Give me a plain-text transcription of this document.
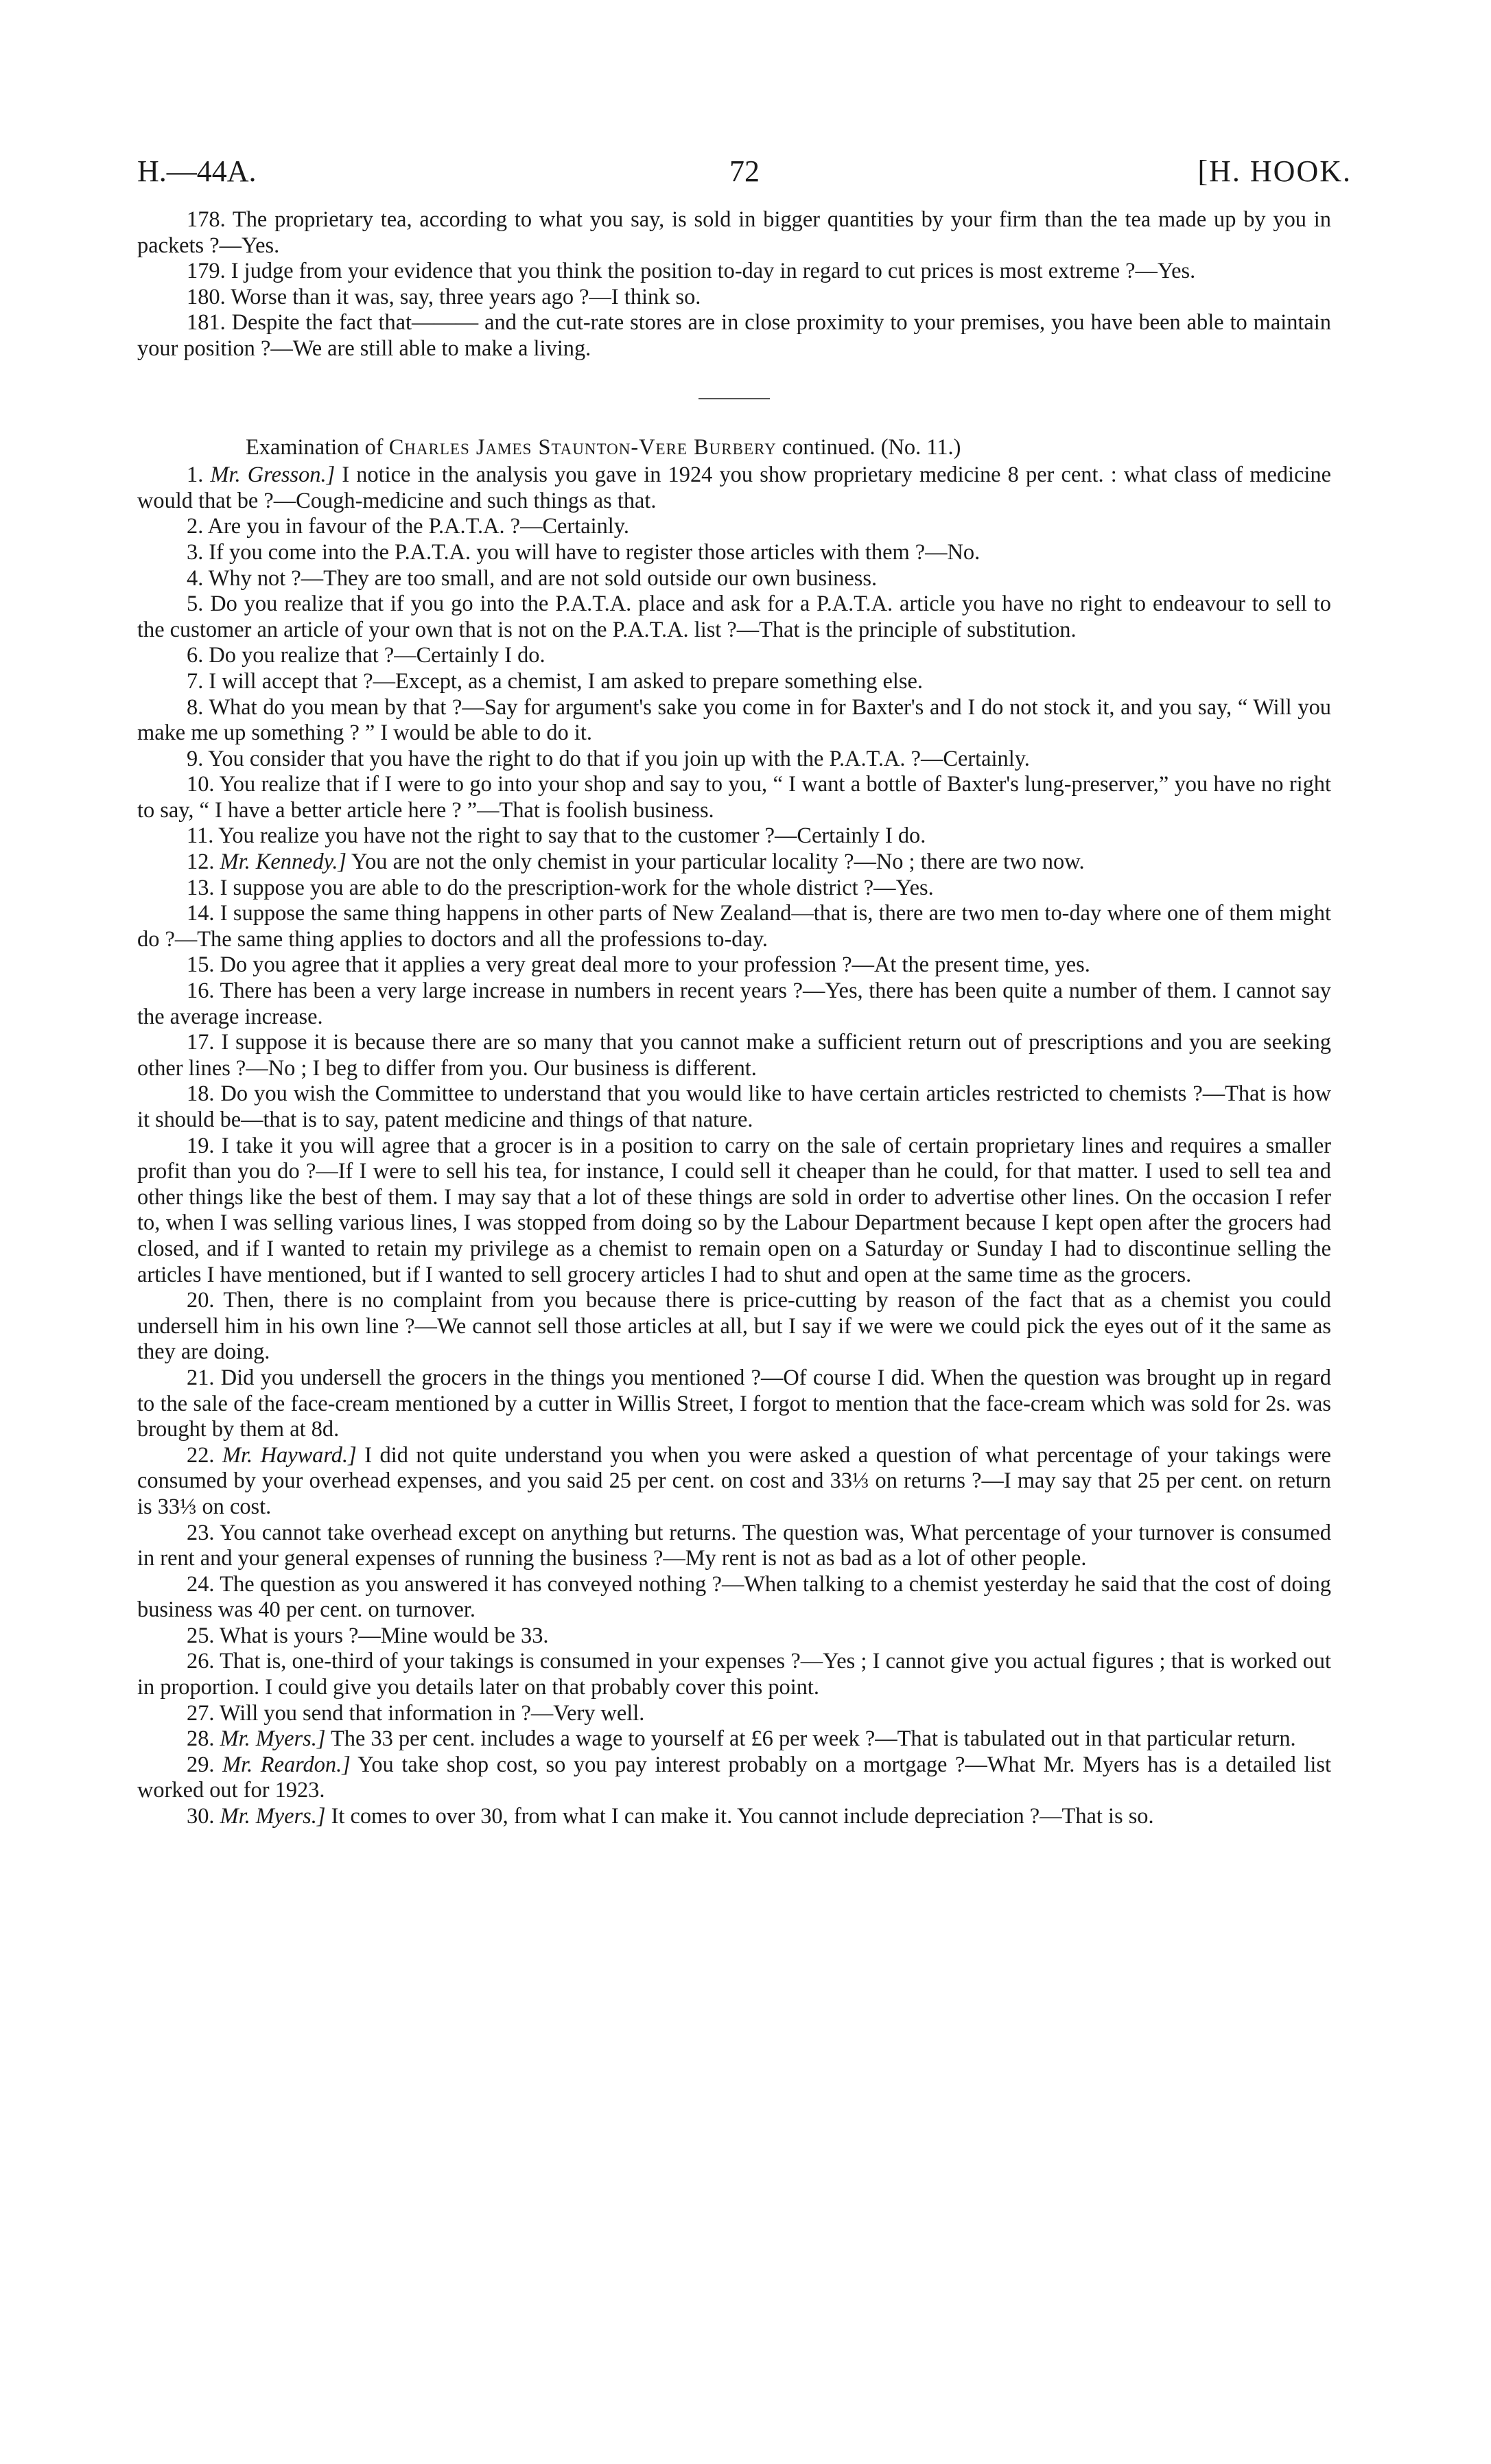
H.—44A.	72	[H. HOOK.

178. The proprietary tea, according to what you say, is sold in bigger quantities by your firm than the tea made up by you in packets ?—Yes.

179. I judge from your evidence that you think the position to-day in regard to cut prices is most extreme ?—Yes.

180. Worse than it was, say, three years ago ?—I think so.

181. Despite the fact that——— and the cut-rate stores are in close proximity to your premises, you have been able to maintain your position ?—We are still able to make a living.

Examination of Charles James Staunton-Vere Burbery continued. (No. 11.)

1. Mr. Gresson.] I notice in the analysis you gave in 1924 you show proprietary medicine 8 per cent. : what class of medicine would that be ?—Cough-medicine and such things as that.

2. Are you in favour of the P.A.T.A. ?—Certainly.

3. If you come into the P.A.T.A. you will have to register those articles with them ?—No.

4. Why not ?—They are too small, and are not sold outside our own business.

5. Do you realize that if you go into the P.A.T.A. place and ask for a P.A.T.A. article you have no right to endeavour to sell to the customer an article of your own that is not on the P.A.T.A. list ?—That is the principle of substitution.

6. Do you realize that ?—Certainly I do.

7. I will accept that ?—Except, as a chemist, I am asked to prepare something else.

8. What do you mean by that ?—Say for argument's sake you come in for Baxter's and I do not stock it, and you say, “ Will you make me up something ? ” I would be able to do it.

9. You consider that you have the right to do that if you join up with the P.A.T.A. ?—Certainly.

10. You realize that if I were to go into your shop and say to you, “ I want a bottle of Baxter's lung-preserver,” you have no right to say, “ I have a better article here ? ”—That is foolish business.

11. You realize you have not the right to say that to the customer ?—Certainly I do.

12. Mr. Kennedy.] You are not the only chemist in your particular locality ?—No ; there are two now.

13. I suppose you are able to do the prescription-work for the whole district ?—Yes.

14. I suppose the same thing happens in other parts of New Zealand—that is, there are two men to-day where one of them might do ?—The same thing applies to doctors and all the professions to-day.

15. Do you agree that it applies a very great deal more to your profession ?—At the present time, yes.

16. There has been a very large increase in numbers in recent years ?—Yes, there has been quite a number of them. I cannot say the average increase.

17. I suppose it is because there are so many that you cannot make a sufficient return out of prescriptions and you are seeking other lines ?—No ; I beg to differ from you. Our business is different.

18. Do you wish the Committee to understand that you would like to have certain articles restricted to chemists ?—That is how it should be—that is to say, patent medicine and things of that nature.

19. I take it you will agree that a grocer is in a position to carry on the sale of certain proprietary lines and requires a smaller profit than you do ?—If I were to sell his tea, for instance, I could sell it cheaper than he could, for that matter. I used to sell tea and other things like the best of them. I may say that a lot of these things are sold in order to advertise other lines. On the occasion I refer to, when I was selling various lines, I was stopped from doing so by the Labour Department because I kept open after the grocers had closed, and if I wanted to retain my privilege as a chemist to remain open on a Saturday or Sunday I had to discontinue selling the articles I have mentioned, but if I wanted to sell grocery articles I had to shut and open at the same time as the grocers.

20. Then, there is no complaint from you because there is price-cutting by reason of the fact that as a chemist you could undersell him in his own line ?—We cannot sell those articles at all, but I say if we were we could pick the eyes out of it the same as they are doing.

21. Did you undersell the grocers in the things you mentioned ?—Of course I did. When the question was brought up in regard to the sale of the face-cream mentioned by a cutter in Willis Street, I forgot to mention that the face-cream which was sold for 2s. was brought by them at 8d.

22. Mr. Hayward.] I did not quite understand you when you were asked a question of what percentage of your takings were consumed by your overhead expenses, and you said 25 per cent. on cost and 33⅓ on returns ?—I may say that 25 per cent. on return is 33⅓ on cost.

23. You cannot take overhead except on anything but returns. The question was, What percentage of your turnover is consumed in rent and your general expenses of running the business ?—My rent is not as bad as a lot of other people.

24. The question as you answered it has conveyed nothing ?—When talking to a chemist yesterday he said that the cost of doing business was 40 per cent. on turnover.

25. What is yours ?—Mine would be 33.

26. That is, one-third of your takings is consumed in your expenses ?—Yes ; I cannot give you actual figures ; that is worked out in proportion. I could give you details later on that probably cover this point.

27. Will you send that information in ?—Very well.

28. Mr. Myers.] The 33 per cent. includes a wage to yourself at £6 per week ?—That is tabulated out in that particular return.

29. Mr. Reardon.] You take shop cost, so you pay interest probably on a mortgage ?—What Mr. Myers has is a detailed list worked out for 1923.

30. Mr. Myers.] It comes to over 30, from what I can make it. You cannot include depreciation ?—That is so.
